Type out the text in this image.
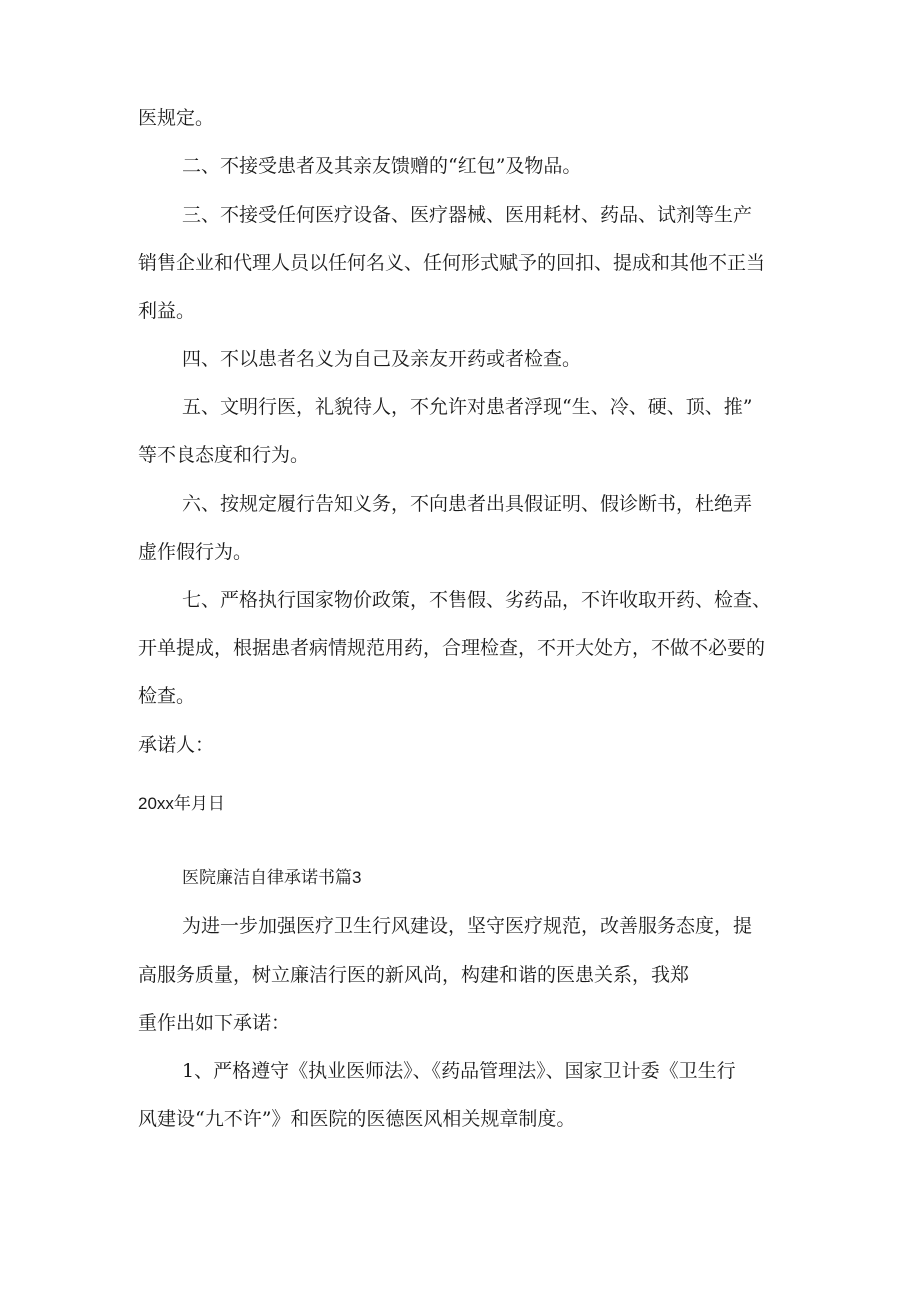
医规定。
二、不接受患者及其亲友馈赠的“红包”及物品。
三、不接受任何医疗设备、医疗器械、医用耗材、药品、试剂等生产
销售企业和代理人员以任何名义、任何形式赋予的回扣、提成和其他不正当
利益。
四、不以患者名义为自己及亲友开药或者检查。
五、文明行医，礼貌待人，不允许对患者浮现“生、冷、硬、顶、推”
等不良态度和行为。
六、按规定履行告知义务，不向患者出具假证明、假诊断书，杜绝弄
虚作假行为。
七、严格执行国家物价政策，不售假、劣药品，不许收取开药、检查、
开单提成，根据患者病情规范用药，合理检查，不开大处方，不做不必要的
检查。
承诺人：
20xx年月日
医院廉洁自律承诺书篇3
为进一步加强医疗卫生行风建设，坚守医疗规范，改善服务态度，提
高服务质量，树立廉洁行医的新风尚，构建和谐的医患关系，我郑
重作出如下承诺：
1、严格遵守《执业医师法》、《药品管理法》、国家卫计委《卫生行
风建设“九不许”》和医院的医德医风相关规章制度。
